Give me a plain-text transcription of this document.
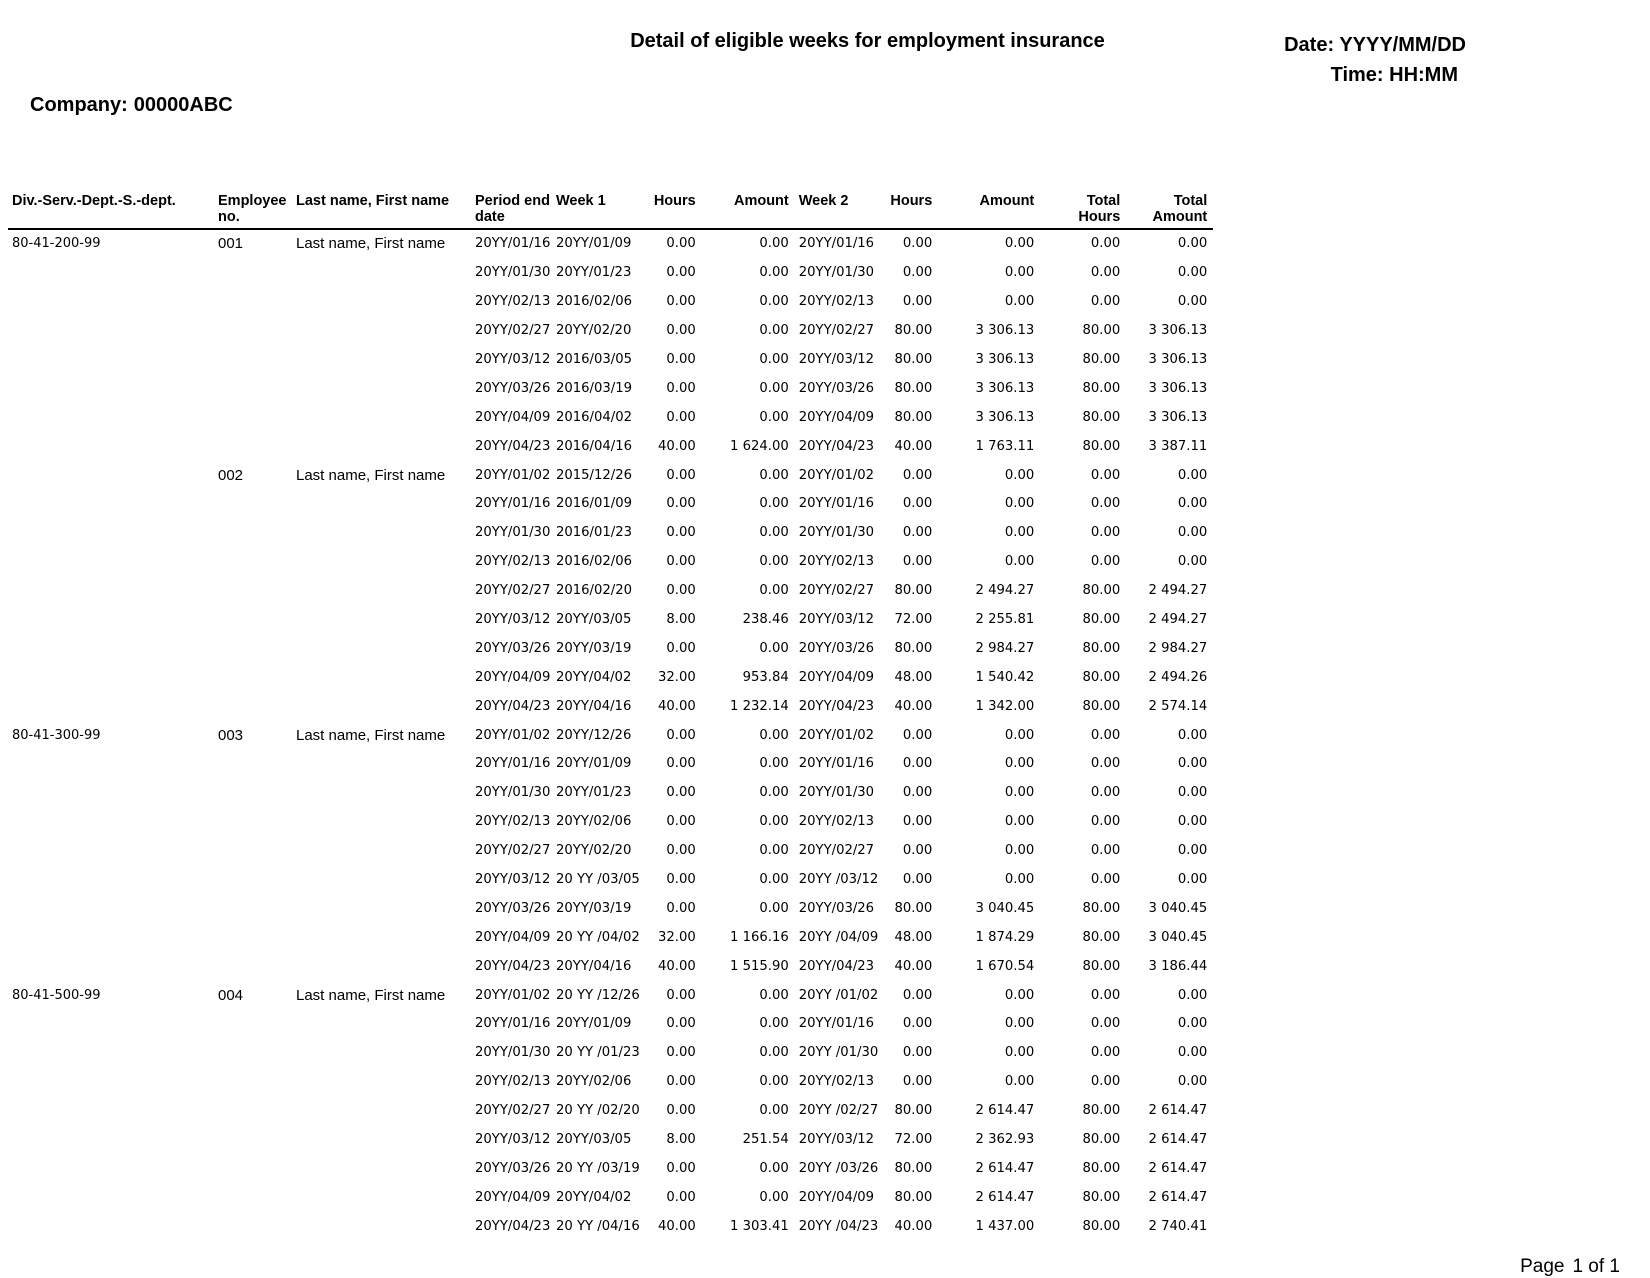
Detail of eligible weeks for employment insurance	Date: YYYY/MM/DD
Time: HH:MM
Company: 00000ABC
Div.-Serv.-Dept.-S.-dept.	Employee no.	Last name, First name	Period end date	Week 1	Hours	Amount	Week 2	Hours	Amount	Total Hours	Total Amount
80-41-200-99	001	Last name, First name	20YY/01/16	20YY/01/09	0.00	0.00	20YY/01/16	0.00	0.00	0.00	0.00
			20YY/01/30	20YY/01/23	0.00	0.00	20YY/01/30	0.00	0.00	0.00	0.00
			20YY/02/13	2016/02/06	0.00	0.00	20YY/02/13	0.00	0.00	0.00	0.00
			20YY/02/27	20YY/02/20	0.00	0.00	20YY/02/27	80.00	3 306.13	80.00	3 306.13
			20YY/03/12	2016/03/05	0.00	0.00	20YY/03/12	80.00	3 306.13	80.00	3 306.13
			20YY/03/26	2016/03/19	0.00	0.00	20YY/03/26	80.00	3 306.13	80.00	3 306.13
			20YY/04/09	2016/04/02	0.00	0.00	20YY/04/09	80.00	3 306.13	80.00	3 306.13
			20YY/04/23	2016/04/16	40.00	1 624.00	20YY/04/23	40.00	1 763.11	80.00	3 387.11
	002	Last name, First name	20YY/01/02	2015/12/26	0.00	0.00	20YY/01/02	0.00	0.00	0.00	0.00
			20YY/01/16	2016/01/09	0.00	0.00	20YY/01/16	0.00	0.00	0.00	0.00
			20YY/01/30	2016/01/23	0.00	0.00	20YY/01/30	0.00	0.00	0.00	0.00
			20YY/02/13	2016/02/06	0.00	0.00	20YY/02/13	0.00	0.00	0.00	0.00
			20YY/02/27	2016/02/20	0.00	0.00	20YY/02/27	80.00	2 494.27	80.00	2 494.27
			20YY/03/12	20YY/03/05	8.00	238.46	20YY/03/12	72.00	2 255.81	80.00	2 494.27
			20YY/03/26	20YY/03/19	0.00	0.00	20YY/03/26	80.00	2 984.27	80.00	2 984.27
			20YY/04/09	20YY/04/02	32.00	953.84	20YY/04/09	48.00	1 540.42	80.00	2 494.26
			20YY/04/23	20YY/04/16	40.00	1 232.14	20YY/04/23	40.00	1 342.00	80.00	2 574.14
80-41-300-99	003	Last name, First name	20YY/01/02	20YY/12/26	0.00	0.00	20YY/01/02	0.00	0.00	0.00	0.00
			20YY/01/16	20YY/01/09	0.00	0.00	20YY/01/16	0.00	0.00	0.00	0.00
			20YY/01/30	20YY/01/23	0.00	0.00	20YY/01/30	0.00	0.00	0.00	0.00
			20YY/02/13	20YY/02/06	0.00	0.00	20YY/02/13	0.00	0.00	0.00	0.00
			20YY/02/27	20YY/02/20	0.00	0.00	20YY/02/27	0.00	0.00	0.00	0.00
			20YY/03/12	20 YY /03/05	0.00	0.00	20YY /03/12	0.00	0.00	0.00	0.00
			20YY/03/26	20YY/03/19	0.00	0.00	20YY/03/26	80.00	3 040.45	80.00	3 040.45
			20YY/04/09	20 YY /04/02	32.00	1 166.16	20YY /04/09	48.00	1 874.29	80.00	3 040.45
			20YY/04/23	20YY/04/16	40.00	1 515.90	20YY/04/23	40.00	1 670.54	80.00	3 186.44
80-41-500-99	004	Last name, First name	20YY/01/02	20 YY /12/26	0.00	0.00	20YY /01/02	0.00	0.00	0.00	0.00
			20YY/01/16	20YY/01/09	0.00	0.00	20YY/01/16	0.00	0.00	0.00	0.00
			20YY/01/30	20 YY /01/23	0.00	0.00	20YY /01/30	0.00	0.00	0.00	0.00
			20YY/02/13	20YY/02/06	0.00	0.00	20YY/02/13	0.00	0.00	0.00	0.00
			20YY/02/27	20 YY /02/20	0.00	0.00	20YY /02/27	80.00	2 614.47	80.00	2 614.47
			20YY/03/12	20YY/03/05	8.00	251.54	20YY/03/12	72.00	2 362.93	80.00	2 614.47
			20YY/03/26	20 YY /03/19	0.00	0.00	20YY /03/26	80.00	2 614.47	80.00	2 614.47
			20YY/04/09	20YY/04/02	0.00	0.00	20YY/04/09	80.00	2 614.47	80.00	2 614.47
			20YY/04/23	20 YY /04/16	40.00	1 303.41	20YY /04/23	40.00	1 437.00	80.00	2 740.41
Page 1 of 1
